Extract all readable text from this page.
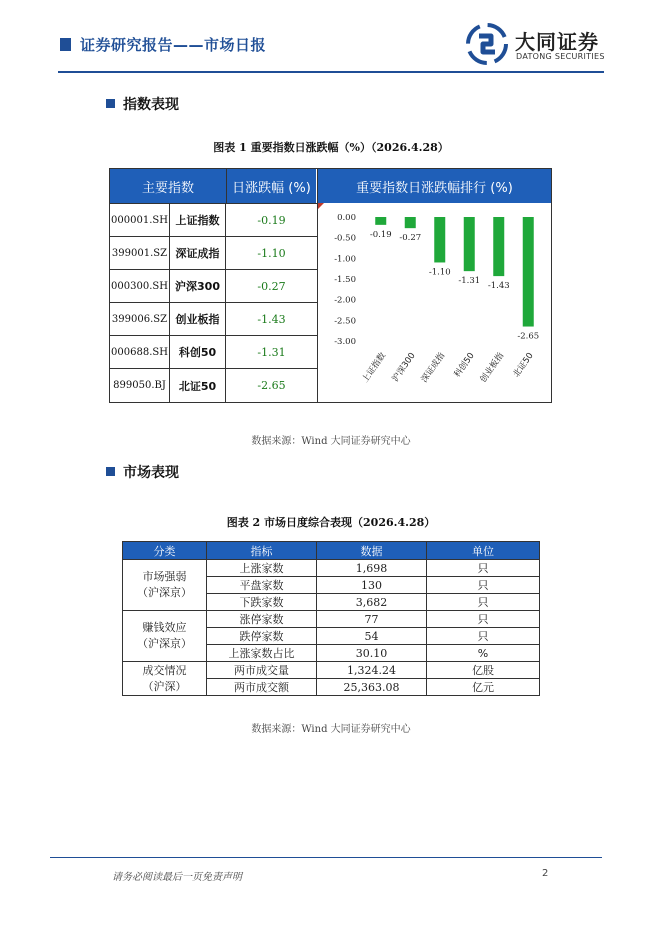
证券研究报告——市场日报	大同证券
DATONG SECURITIES
指数表现
图表 1 重要指数日涨跌幅（%）（2026.4.28）
主要指数	日涨跌幅 (%)	重要指数日涨跌幅排行 (%)
000001.SH 上证指数	-0.19
399001.SZ 深证成指	-1.10
000300.SH 沪深300	-0.27
399006.SZ 创业板指	-1.43
000688.SH 科创50	-1.31
899050.BJ	北证50	-2.65
0.00
-0.50
-1.00
-1.50
-2.00
-2.50
-3.00
-0.19
上证指数
-0.27
沪深300
-1.10
深证成指
-1.31
科创50
-1.43
创业板指
-2.65
北证50
数据来源：Wind 大同证券研究中心
市场表现
图表 2 市场日度综合表现（2026.4.28）
分类	指标	数据	单位
市场强弱
（沪深京）	上涨家数	1,698	只
	平盘家数	130	只
	下跌家数	3,682	只
赚钱效应
（沪深京）	涨停家数	77	只
	跌停家数	54	只
	上涨家数占比	30.10	%
成交情况
（沪深）	两市成交量	1,324.24	亿股
	两市成交额	25,363.08	亿元
数据来源：Wind 大同证券研究中心
请务必阅读最后一页免责声明	2
